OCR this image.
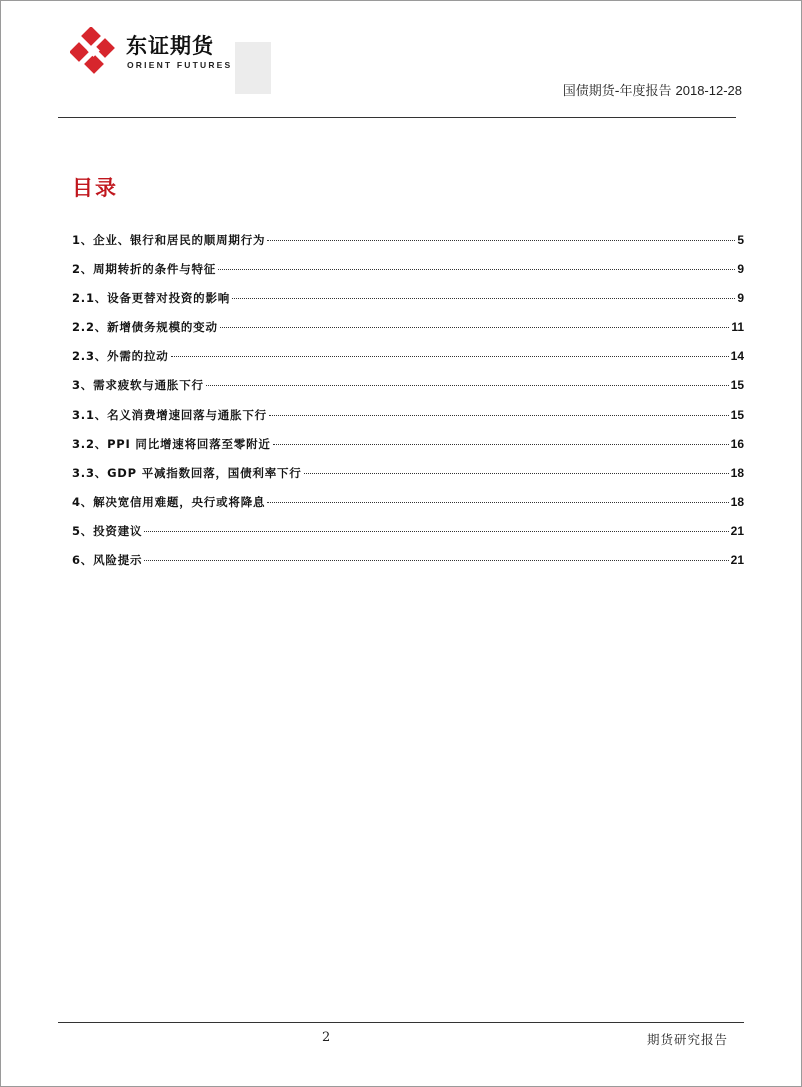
东证期货
ORIENT FUTURES
国债期货-年度报告 2018-12-28
目录
1、企业、银行和居民的顺周期行为	5
2、周期转折的条件与特征	9
2.1、设备更替对投资的影响	9
2.2、新增债务规模的变动	11
2.3、外需的拉动	14
3、需求疲软与通胀下行	15
3.1、名义消费增速回落与通胀下行	15
3.2、PPI 同比增速将回落至零附近	16
3.3、GDP 平减指数回落，国债利率下行	18
4、解决宽信用难题，央行或将降息	18
5、投资建议	21
6、风险提示	21
2	期货研究报告
